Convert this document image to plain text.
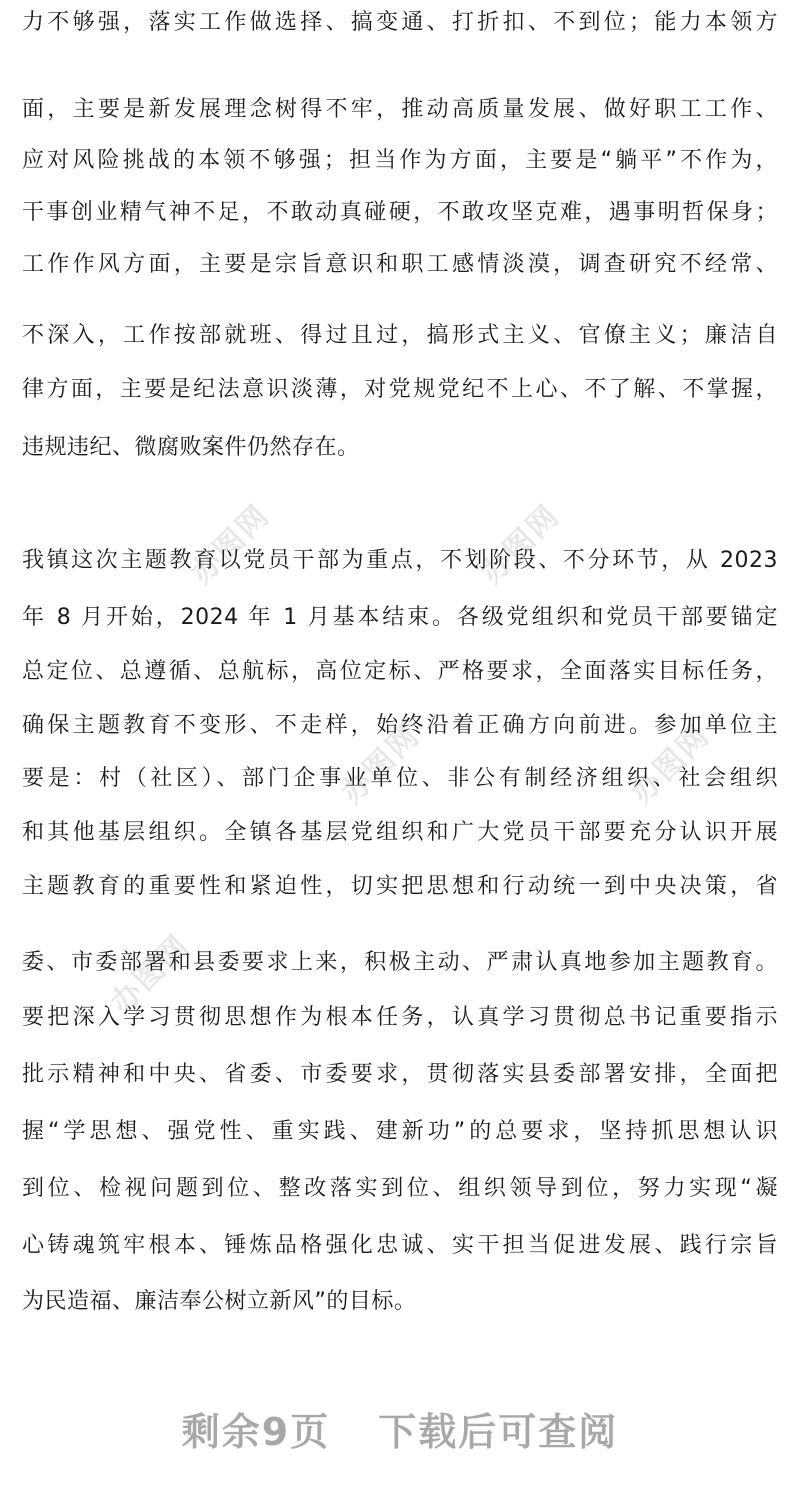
办图网	办图网
办图网	办图网
办图网
力不够强，落实工作做选择、搞变通、打折扣、不到位；能力本领方
面，主要是新发展理念树得不牢，推动高质量发展、做好职工工作、
应对风险挑战的本领不够强；担当作为方面，主要是“躺平”不作为，
干事创业精气神不足，不敢动真碰硬，不敢攻坚克难，遇事明哲保身；
工作作风方面，主要是宗旨意识和职工感情淡漠，调查研究不经常、
不深入，工作按部就班、得过且过，搞形式主义、官僚主义；廉洁自
律方面，主要是纪法意识淡薄，对党规党纪不上心、不了解、不掌握，
违规违纪、微腐败案件仍然存在。
我镇这次主题教育以党员干部为重点，不划阶段、不分环节，从 2023
年 8 月开始，2024 年 1 月基本结束。各级党组织和党员干部要锚定
总定位、总遵循、总航标，高位定标、严格要求，全面落实目标任务，
确保主题教育不变形、不走样，始终沿着正确方向前进。参加单位主
要是：村（社区）、部门企事业单位、非公有制经济组织、社会组织
和其他基层组织。全镇各基层党组织和广大党员干部要充分认识开展
主题教育的重要性和紧迫性，切实把思想和行动统一到中央决策，省
委、市委部署和县委要求上来，积极主动、严肃认真地参加主题教育。
要把深入学习贯彻思想作为根本任务，认真学习贯彻总书记重要指示
批示精神和中央、省委、市委要求，贯彻落实县委部署安排，全面把
握“学思想、强党性、重实践、建新功”的总要求，坚持抓思想认识
到位、检视问题到位、整改落实到位、组织领导到位，努力实现“凝
心铸魂筑牢根本、锤炼品格强化忠诚、实干担当促进发展、践行宗旨
为民造福、廉洁奉公树立新风”的目标。
剩余9页 下载后可查阅
